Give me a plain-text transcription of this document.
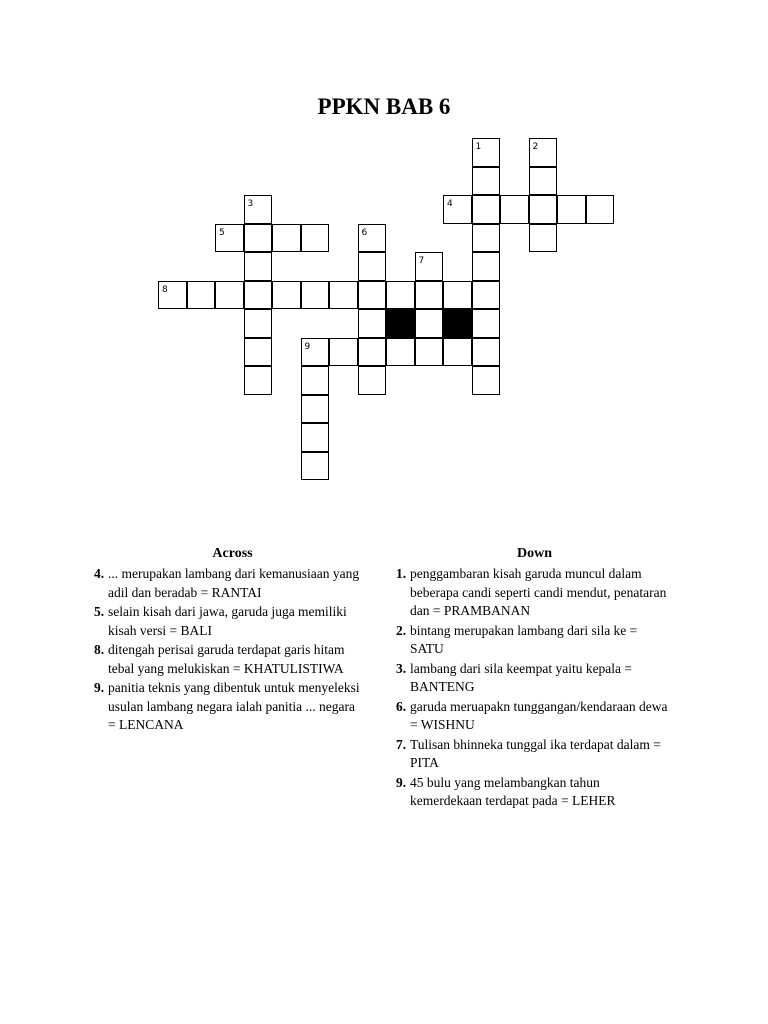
PPKN BAB 6
1	2
3	4
5	6
7
8
9
Across
4. ... merupakan lambang dari kemanusiaan yang adil dan beradab = RANTAI
5. selain kisah dari jawa, garuda juga memiliki kisah versi = BALI
8. ditengah perisai garuda terdapat garis hitam tebal yang melukiskan = KHATULISTIWA
9. panitia teknis yang dibentuk untuk menyeleksi usulan lambang negara ialah panitia ... negara = LENCANA
Down
1. penggambaran kisah garuda muncul dalam beberapa candi seperti candi mendut, penataran dan = PRAMBANAN
2. bintang merupakan lambang dari sila ke = SATU
3. lambang dari sila keempat yaitu kepala = BANTENG
6. garuda meruapakn tunggangan/kendaraan dewa = WISHNU
7. Tulisan bhinneka tunggal ika terdapat dalam = PITA
9. 45 bulu yang melambangkan tahun kemerdekaan terdapat pada = LEHER
